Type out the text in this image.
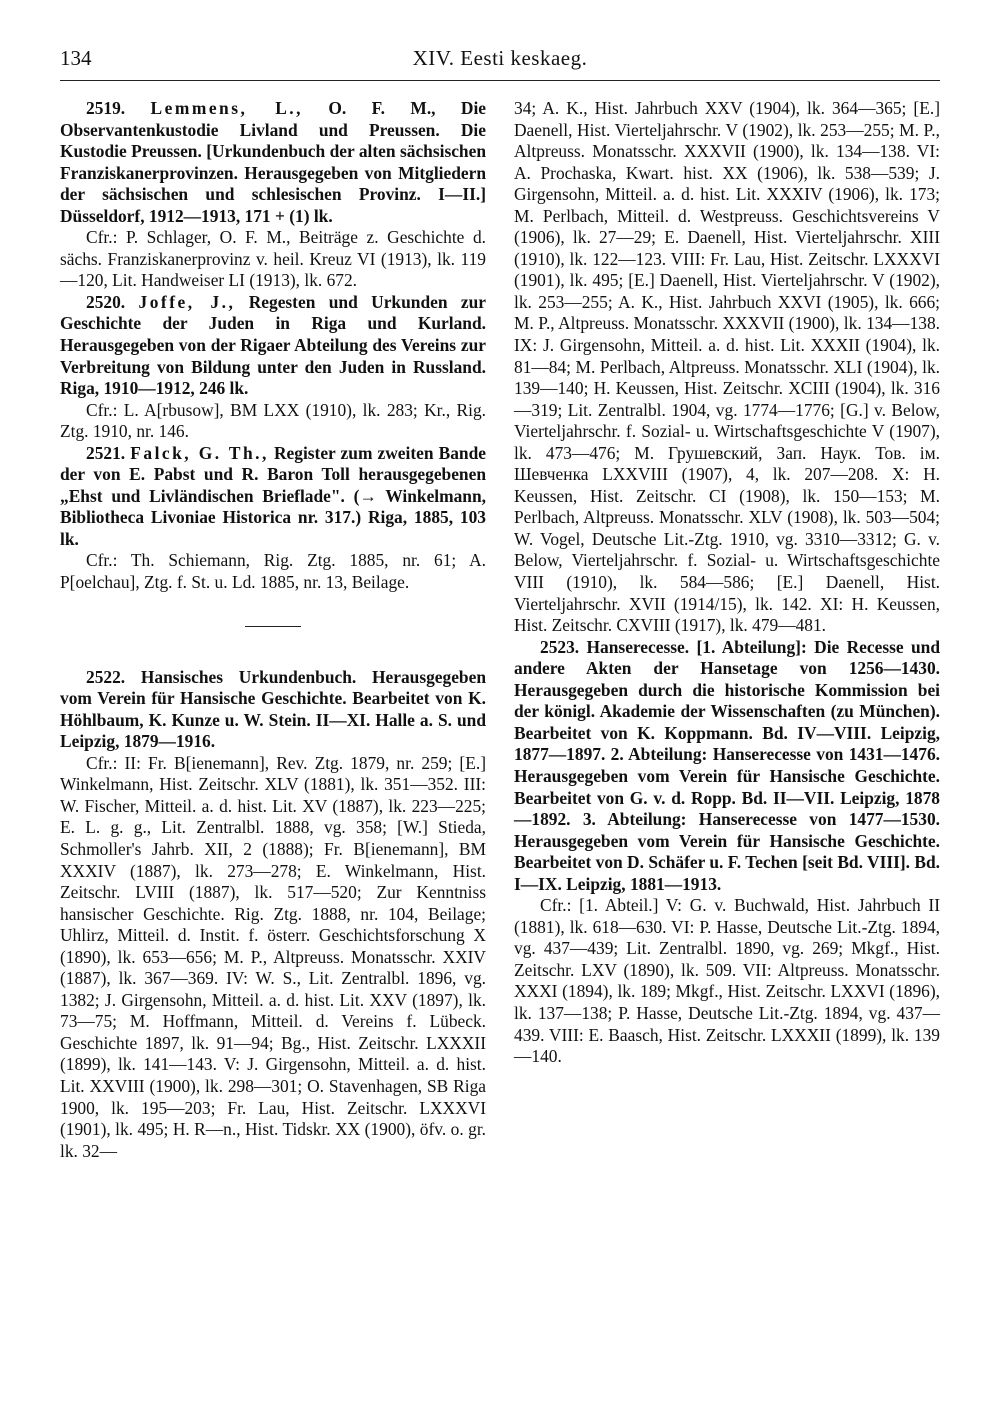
134	XIV. Eesti keskaeg.

2519. Lemmens, L., O. F. M., Die Observantenkustodie Livland und Preussen. Die Kustodie Preussen. [Urkundenbuch der alten sächsischen Franziskanerprovinzen. Herausgegeben von Mitgliedern der sächsischen und schlesischen Provinz. I—II.] Düsseldorf, 1912—1913, 171 + (1) lk.

Cfr.: P. Schlager, O. F. M., Beiträge z. Geschichte d. sächs. Franziskanerprovinz v. heil. Kreuz VI (1913), lk. 119—120, Lit. Handweiser LI (1913), lk. 672.

2520. Joffe, J., Regesten und Urkunden zur Geschichte der Juden in Riga und Kurland. Herausgegeben von der Rigaer Abteilung des Vereins zur Verbreitung von Bildung unter den Juden in Russland. Riga, 1910—1912, 246 lk.

Cfr.: L. A[rbusow], BM LXX (1910), lk. 283; Kr., Rig. Ztg. 1910, nr. 146.

2521. Falck, G. Th., Register zum zweiten Bande der von E. Pabst und R. Baron Toll herausgegebenen „Ehst und Livländischen Brieflade". (→ Winkelmann, Bibliotheca Livoniae Historica nr. 317.) Riga, 1885, 103 lk.

Cfr.: Th. Schiemann, Rig. Ztg. 1885, nr. 61; A. P[oelchau], Ztg. f. St. u. Ld. 1885, nr. 13, Beilage.

2522. Hansisches Urkundenbuch. Herausgegeben vom Verein für Hansische Geschichte. Bearbeitet von K. Höhlbaum, K. Kunze u. W. Stein. II—XI. Halle a. S. und Leipzig, 1879—1916.

Cfr.: II: Fr. B[ienemann], Rev. Ztg. 1879, nr. 259; [E.] Winkelmann, Hist. Zeitschr. XLV (1881), lk. 351—352. III: W. Fischer, Mitteil. a. d. hist. Lit. XV (1887), lk. 223—225; E. L. g. g., Lit. Zentralbl. 1888, vg. 358; [W.] Stieda, Schmoller's Jahrb. XII, 2 (1888); Fr. B[ienemann], BM XXXIV (1887), lk. 273—278; E. Winkelmann, Hist. Zeitschr. LVIII (1887), lk. 517—520; Zur Kenntniss hansischer Geschichte. Rig. Ztg. 1888, nr. 104, Beilage; Uhlirz, Mitteil. d. Instit. f. österr. Geschichtsforschung X (1890), lk. 653—656; M. P., Altpreuss. Monatsschr. XXIV (1887), lk. 367—369. IV: W. S., Lit. Zentralbl. 1896, vg. 1382; J. Girgensohn, Mitteil. a. d. hist. Lit. XXV (1897), lk. 73—75; M. Hoffmann, Mitteil. d. Vereins f. Lübeck. Geschichte 1897, lk. 91—94; Bg., Hist. Zeitschr. LXXXII (1899), lk. 141—143. V: J. Girgensohn, Mitteil. a. d. hist. Lit. XXVIII (1900), lk. 298—301; O. Stavenhagen, SB Riga 1900, lk. 195—203; Fr. Lau, Hist. Zeitschr. LXXXVI (1901), lk. 495; H. R—n., Hist. Tidskr. XX (1900), öfv. o. gr. lk. 32—

34; A. K., Hist. Jahrbuch XXV (1904), lk. 364—365; [E.] Daenell, Hist. Vierteljahrschr. V (1902), lk. 253—255; M. P., Altpreuss. Monatsschr. XXXVII (1900), lk. 134—138. VI: A. Prochaska, Kwart. hist. XX (1906), lk. 538—539; J. Girgensohn, Mitteil. a. d. hist. Lit. XXXIV (1906), lk. 173; M. Perlbach, Mitteil. d. Westpreuss. Geschichtsvereins V (1906), lk. 27—29; E. Daenell, Hist. Vierteljahrschr. XIII (1910), lk. 122—123. VIII: Fr. Lau, Hist. Zeitschr. LXXXVI (1901), lk. 495; [E.] Daenell, Hist. Vierteljahrschr. V (1902), lk. 253—255; A. K., Hist. Jahrbuch XXVI (1905), lk. 666; M. P., Altpreuss. Monatsschr. XXXVII (1900), lk. 134—138. IX: J. Girgensohn, Mitteil. a. d. hist. Lit. XXXII (1904), lk. 81—84; M. Perlbach, Altpreuss. Monatsschr. XLI (1904), lk. 139—140; H. Keussen, Hist. Zeitschr. XCIII (1904), lk. 316—319; Lit. Zentralbl. 1904, vg. 1774—1776; [G.] v. Below, Vierteljahrschr. f. Sozial- u. Wirtschaftsgeschichte V (1907), lk. 473—476; М. Грушевский, Зап. Наук. Тов. ім. Шевченка LXXVIII (1907), 4, lk. 207—208. X: H. Keussen, Hist. Zeitschr. CI (1908), lk. 150—153; M. Perlbach, Altpreuss. Monatsschr. XLV (1908), lk. 503—504; W. Vogel, Deutsche Lit.-Ztg. 1910, vg. 3310—3312; G. v. Below, Vierteljahrschr. f. Sozial- u. Wirtschaftsgeschichte VIII (1910), lk. 584—586; [E.] Daenell, Hist. Vierteljahrschr. XVII (1914/15), lk. 142. XI: H. Keussen, Hist. Zeitschr. CXVIII (1917), lk. 479—481.

2523. Hanserecesse. [1. Abteilung]: Die Recesse und andere Akten der Hansetage von 1256—1430. Herausgegeben durch die historische Kommission bei der königl. Akademie der Wissenschaften (zu München). Bearbeitet von K. Koppmann. Bd. IV—VIII. Leipzig, 1877—1897. 2. Abteilung: Hanserecesse von 1431—1476. Herausgegeben vom Verein für Hansische Geschichte. Bearbeitet von G. v. d. Ropp. Bd. II—VII. Leipzig, 1878—1892. 3. Abteilung: Hanserecesse von 1477—1530. Herausgegeben vom Verein für Hansische Geschichte. Bearbeitet von D. Schäfer u. F. Techen [seit Bd. VIII]. Bd. I—IX. Leipzig, 1881—1913.

Cfr.: [1. Abteil.] V: G. v. Buchwald, Hist. Jahrbuch II (1881), lk. 618—630. VI: P. Hasse, Deutsche Lit.-Ztg. 1894, vg. 437—439; Lit. Zentralbl. 1890, vg. 269; Mkgf., Hist. Zeitschr. LXV (1890), lk. 509. VII: Altpreuss. Monatsschr. XXXI (1894), lk. 189; Mkgf., Hist. Zeitschr. LXXVI (1896), lk. 137—138; P. Hasse, Deutsche Lit.-Ztg. 1894, vg. 437—439. VIII: E. Baasch, Hist. Zeitschr. LXXXII (1899), lk. 139—140.
